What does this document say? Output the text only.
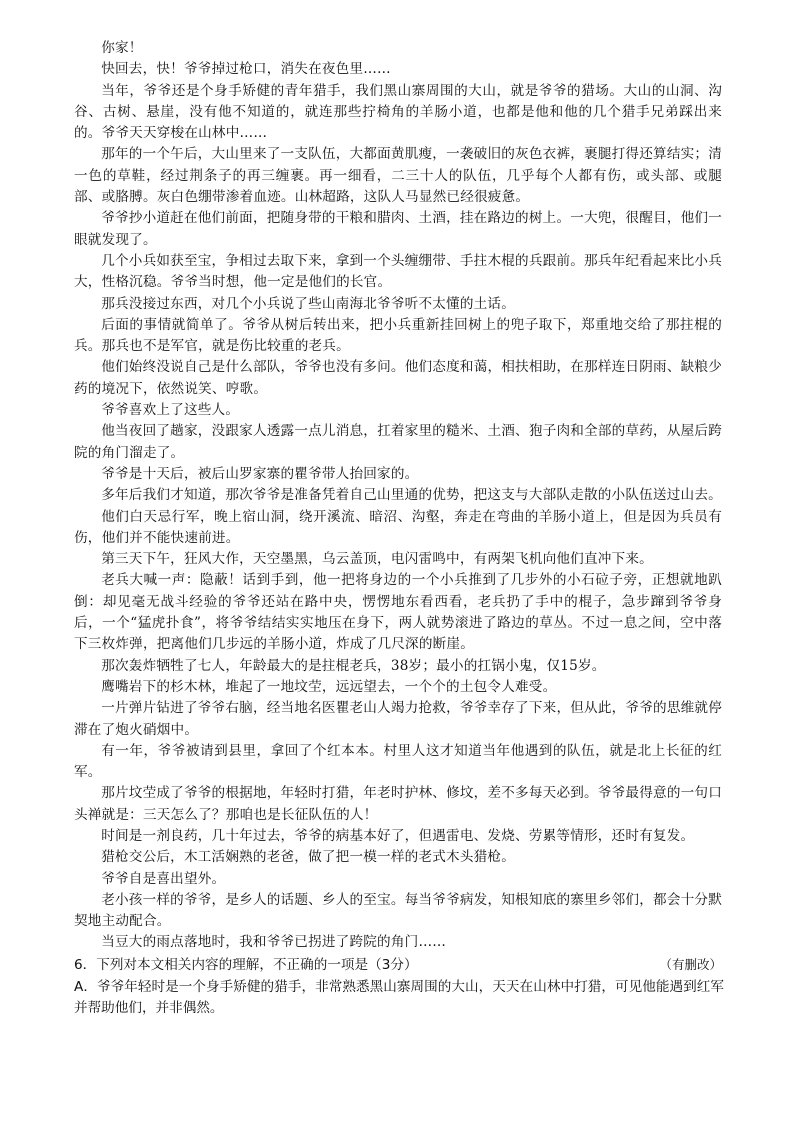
你家！

快回去，快！爷爷掉过枪口，消失在夜色里……

当年，爷爷还是个身手矫健的青年猎手，我们黑山寨周围的大山，就是爷爷的猎场。大山的山洞、沟谷、古树、悬崖，没有他不知道的，就连那些拧椅角的羊肠小道，也都是他和他的几个猎手兄弟踩出来的。爷爷天天穿梭在山林中……

那年的一个午后，大山里来了一支队伍，大都面黄肌瘦，一袭破旧的灰色衣裤，裹腿打得还算结实；清一色的草鞋，经过荆条子的再三缠裹。再一细看，二三十人的队伍，几乎每个人都有伤，或头部、或腿部、或胳膊。灰白色绷带渗着血迹。山林超路，这队人马显然已经很疲惫。

爷爷抄小道赶在他们前面，把随身带的干粮和腊肉、土酒，挂在路边的树上。一大兜，很醒目，他们一眼就发现了。

几个小兵如获至宝，争相过去取下来，拿到一个头缠绷带、手拄木棍的兵跟前。那兵年纪看起来比小兵大，性格沉稳。爷爷当时想，他一定是他们的长官。

那兵没接过东西，对几个小兵说了些山南海北爷爷听不太懂的土话。

后面的事情就简单了。爷爷从树后转出来，把小兵重新挂回树上的兜子取下，郑重地交给了那拄棍的兵。那兵也不是军官，就是伤比较重的老兵。

他们始终没说自己是什么部队，爷爷也没有多问。他们态度和蔼，相扶相助，在那样连日阴雨、缺粮少药的境况下，依然说笑、哼歌。

爷爷喜欢上了这些人。

他当夜回了趟家，没跟家人透露一点儿消息，扛着家里的糙米、土酒、狍子肉和全部的草药，从屋后跨院的角门溜走了。

爷爷是十天后，被后山罗家寨的瞿爷带人抬回家的。

多年后我们才知道，那次爷爷是准备凭着自己山里通的优势，把这支与大部队走散的小队伍送过山去。

他们白天忌行军，晚上宿山洞，绕开溪流、暗沼、沟壑，奔走在弯曲的羊肠小道上，但是因为兵员有伤，他们并不能快速前进。

第三天下午，狂风大作，天空墨黑，乌云盖顶，电闪雷鸣中，有两架飞机向他们直冲下来。

老兵大喊一声：隐蔽！话到手到，他一把将身边的一个小兵推到了几步外的小石砬子旁，正想就地趴倒：却见毫无战斗经验的爷爷还站在路中央，愣愣地东看西看，老兵扔了手中的棍子，急步蹿到爷爷身后，一个“猛虎扑食”，将爷爷结结实实地压在身下，两人就势滚进了路边的草丛。不过一息之间，空中落下三枚炸弹，把离他们几步远的羊肠小道，炸成了几尺深的断崖。

那次轰炸牺牲了七人，年龄最大的是拄棍老兵，38岁；最小的扛锅小鬼，仅15岁。

鹰嘴岩下的杉木林，堆起了一地坟茔，远远望去，一个个的土包令人难受。

一片弹片钻进了爷爷右脑，经当地名医瞿老山人竭力抢救，爷爷幸存了下来，但从此，爷爷的思维就停滞在了炮火硝烟中。

有一年，爷爷被请到县里，拿回了个红本本。村里人这才知道当年他遇到的队伍，就是北上长征的红军。

那片坟茔成了爷爷的根据地，年轻时打猎，年老时护林、修坟，差不多每天必到。爷爷最得意的一句口头禅就是：三天怎么了？那咱也是长征队伍的人！

时间是一剂良药，几十年过去，爷爷的病基本好了，但遇雷电、发烧、劳累等情形，还时有复发。

猎枪交公后，木工活娴熟的老爸，做了把一模一样的老式木头猎枪。

爷爷自是喜出望外。

老小孩一样的爷爷，是乡人的话题、乡人的至宝。每当爷爷病发，知根知底的寨里乡邻们，都会十分默契地主动配合。

当豆大的雨点落地时，我和爷爷已拐进了跨院的角门……

（有删改）

6．下列对本文相关内容的理解，不正确的一项是（3分）

A．爷爷年轻时是一个身手矫健的猎手，非常熟悉黑山寨周围的大山，天天在山林中打猎，可见他能遇到红军并帮助他们，并非偶然。
